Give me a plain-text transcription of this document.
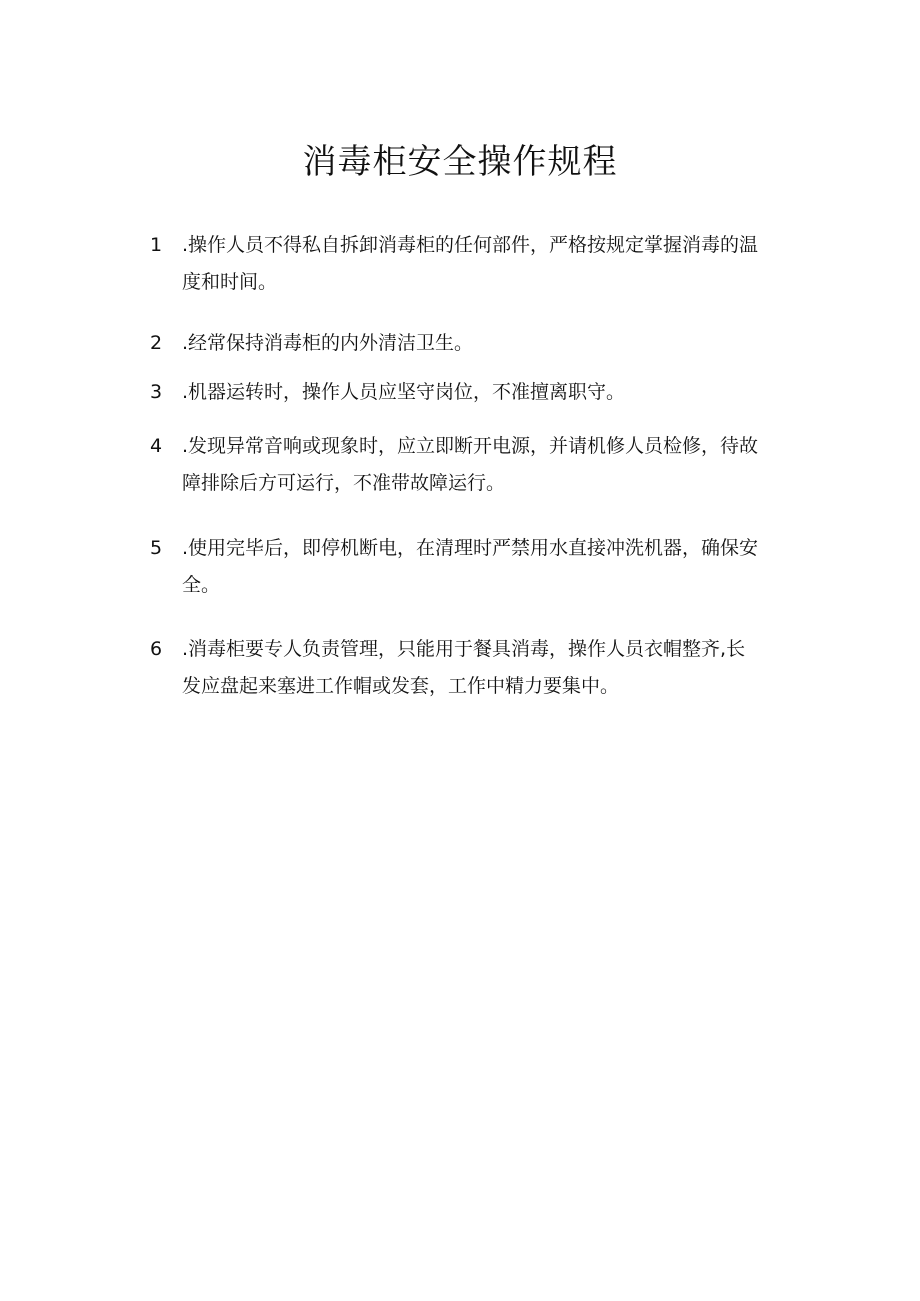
消毒柜安全操作规程
1	.操作人员不得私自拆卸消毒柜的任何部件，严格按规定掌握消毒的温
度和时间。
2	.经常保持消毒柜的内外清洁卫生。
3	.机器运转时，操作人员应坚守岗位，不准擅离职守。
4	.发现异常音响或现象时，应立即断开电源，并请机修人员检修，待故
障排除后方可运行，不准带故障运行。
5	.使用完毕后，即停机断电，在清理时严禁用水直接冲洗机器，确保安
全。
6	.消毒柜要专人负责管理，只能用于餐具消毒，操作人员衣帽整齐,长
发应盘起来塞进工作帽或发套，工作中精力要集中。
